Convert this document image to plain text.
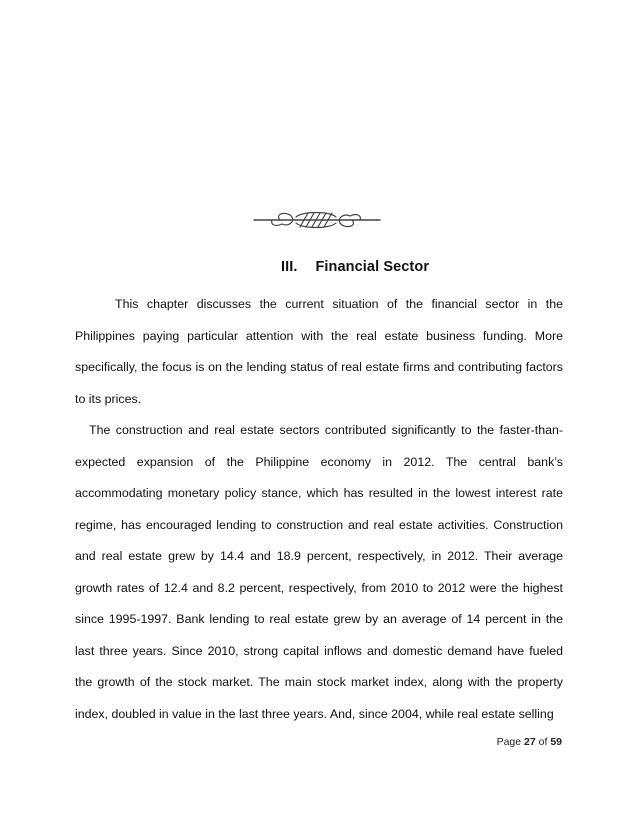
III. Financial Sector

This chapter discusses the current situation of the financial sector in the Philippines paying particular attention with the real estate business funding. More specifically, the focus is on the lending status of real estate firms and contributing factors to its prices.

The construction and real estate sectors contributed significantly to the faster-than-expected expansion of the Philippine economy in 2012. The central bank’s accommodating monetary policy stance, which has resulted in the lowest interest rate regime, has encouraged lending to construction and real estate activities. Construction and real estate grew by 14.4 and 18.9 percent, respectively, in 2012. Their average growth rates of 12.4 and 8.2 percent, respectively, from 2010 to 2012 were the highest since 1995-1997. Bank lending to real estate grew by an average of 14 percent in the last three years. Since 2010, strong capital inflows and domestic demand have fueled the growth of the stock market. The main stock market index, along with the property index, doubled in value in the last three years. And, since 2004, while real estate selling

Page 27 of 59
